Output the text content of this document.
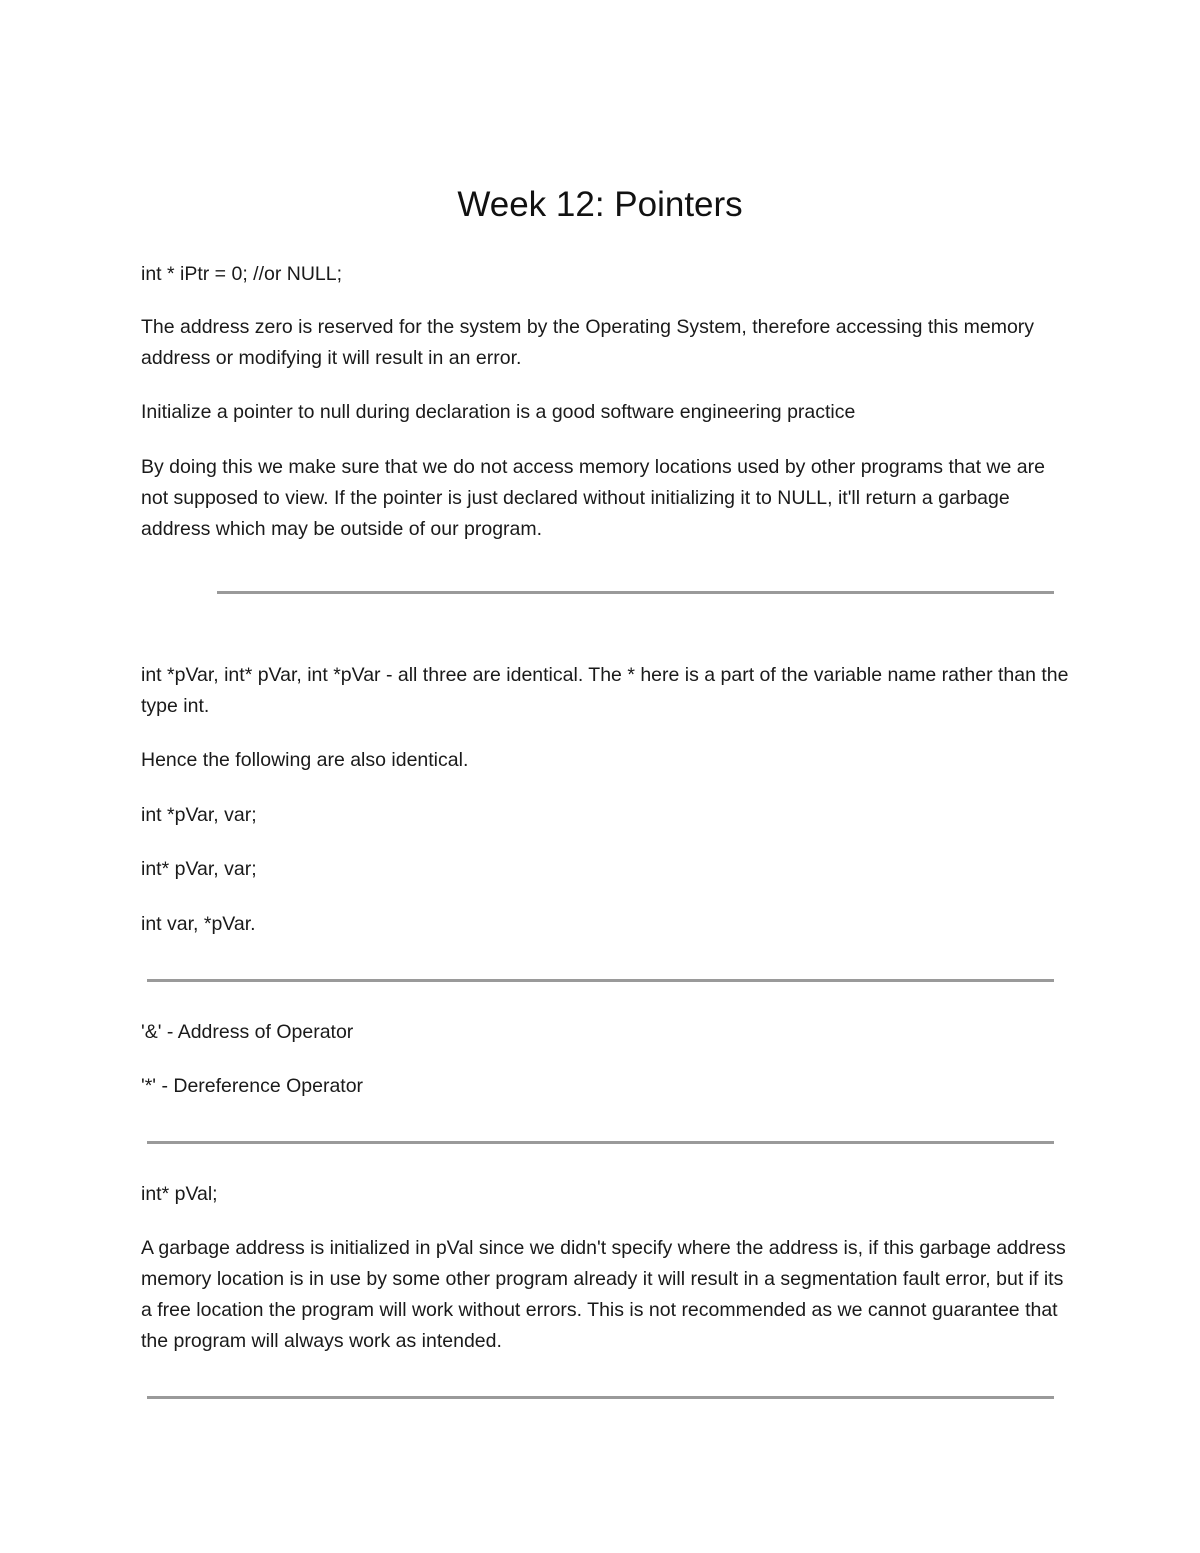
Week 12: Pointers

int * iPtr = 0; //or NULL;

The address zero is reserved for the system by the Operating System, therefore accessing this memory address or modifying it will result in an error.

Initialize a pointer to null during declaration is a good software engineering practice

By doing this we make sure that we do not access memory locations used by other programs that we are not supposed to view. If the pointer is just declared without initializing it to NULL, it'll return a garbage address which may be outside of our program.

int *pVar, int* pVar, int *pVar - all three are identical. The * here is a part of the variable name rather than the type int.

Hence the following are also identical.

int *pVar, var;

int* pVar, var;

int var, *pVar.

'&' - Address of Operator

'*' - Dereference Operator

int* pVal;

A garbage address is initialized in pVal since we didn't specify where the address is, if this garbage address memory location is in use by some other program already it will result in a segmentation fault error, but if its a free location the program will work without errors. This is not recommended as we cannot guarantee that the program will always work as intended.
